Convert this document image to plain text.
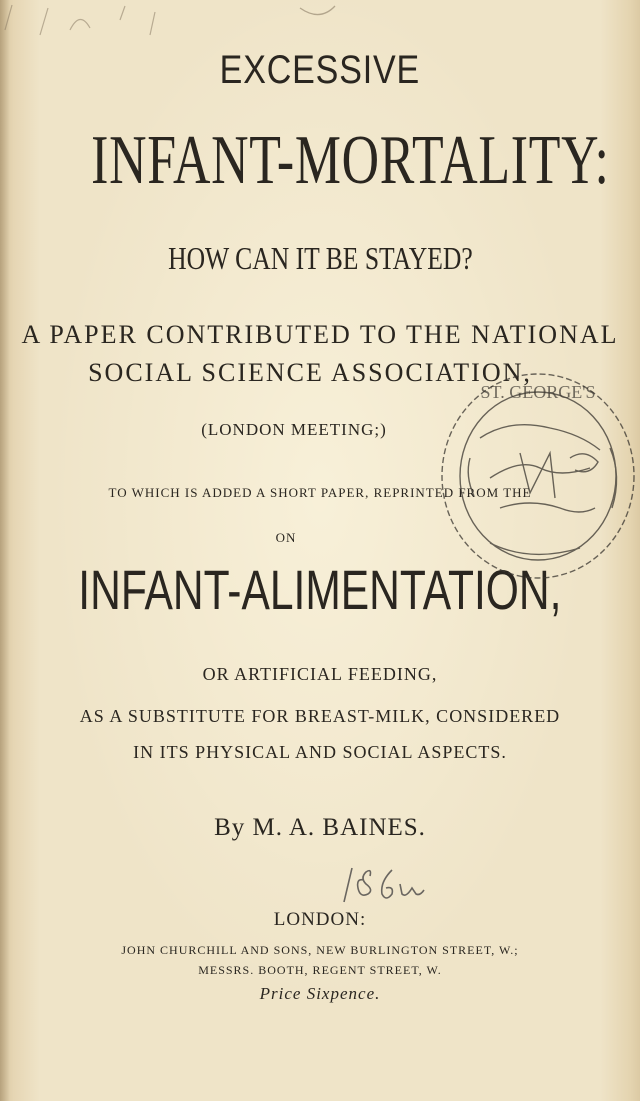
EXCESSIVE
INFANT-MORTALITY:
HOW CAN IT BE STAYED?
A PAPER CONTRIBUTED TO THE NATIONAL
SOCIAL SCIENCE ASSOCIATION,
(LONDON MEETING;)
TO WHICH IS ADDED A SHORT PAPER, REPRINTED FROM THE
ON
INFANT-ALIMENTATION,
OR ARTIFICIAL FEEDING,
AS A SUBSTITUTE FOR BREAST-MILK, CONSIDERED
IN ITS PHYSICAL AND SOCIAL ASPECTS.
By M. A. BAINES.
LONDON:
JOHN CHURCHILL AND SONS, NEW BURLINGTON STREET, W.;
MESSRS. BOOTH, REGENT STREET, W.
Price Sixpence.
ST. GEORGE'S
